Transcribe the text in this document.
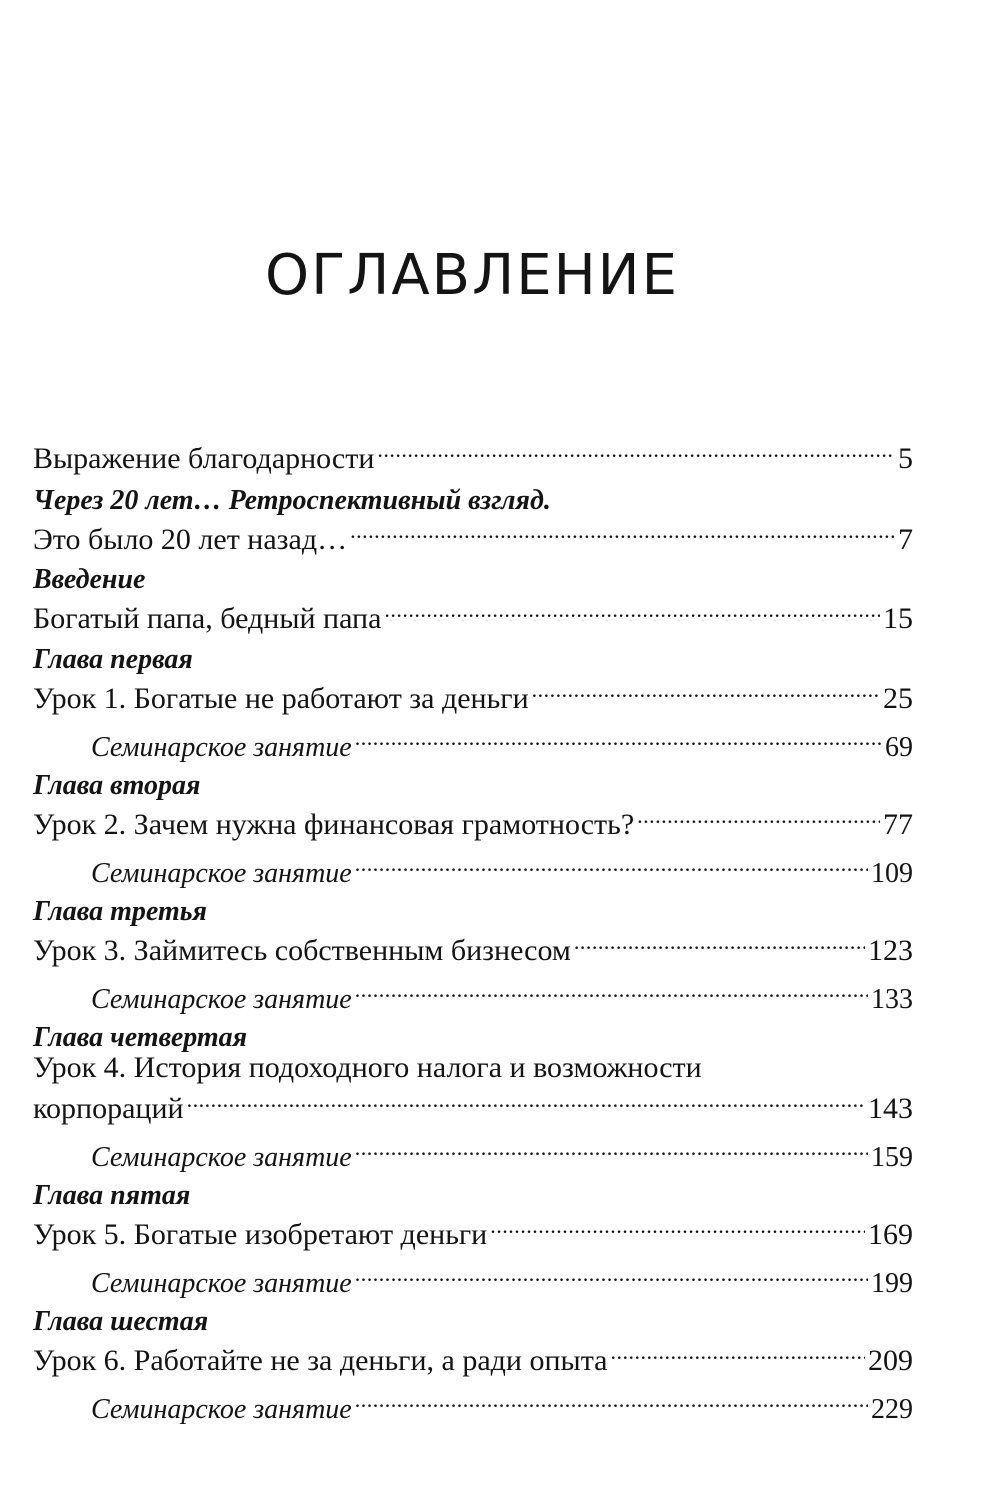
ОГЛАВЛЕНИЕ
Выражение благодарности .....	5
Через 20 лет… Ретроспективный взгляд.
Это было 20 лет назад… .....	7
Введение
Богатый папа, бедный папа .....	15
Глава первая
Урок 1. Богатые не работают за деньги .....	25
Семинарское занятие .....	69
Глава вторая
Урок 2. Зачем нужна финансовая грамотность? .....	77
Семинарское занятие .....	109
Глава третья
Урок 3. Займитесь собственным бизнесом .....	123
Семинарское занятие .....	133
Глава четвертая
Урок 4. История подоходного налога и возможности
корпораций .....	143
Семинарское занятие .....	159
Глава пятая
Урок 5. Богатые изобретают деньги .....	169
Семинарское занятие .....	199
Глава шестая
Урок 6. Работайте не за деньги, а ради опыта .....	209
Семинарское занятие .....	229
